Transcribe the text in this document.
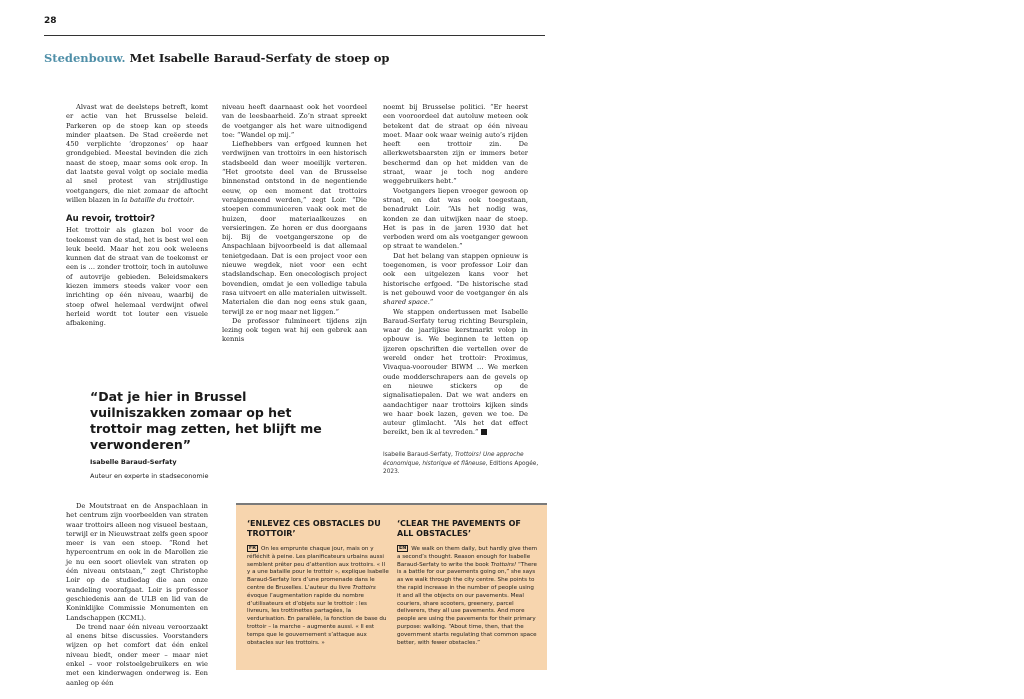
28
Stedenbouw. Met Isabelle Baraud-Serfaty de stoep op

Alvast wat de deelsteps betreft, komt er actie van het Brusselse beleid. Parkeren op de stoep kan op steeds minder plaatsen. De Stad creëerde net 450 verplichte ‘dropzones’ op haar grondgebied. Meestal bevinden die zich naast de stoep, maar soms ook erop. In dat laatste geval volgt op sociale media al snel protest van strijdlustige voetgangers, die niet zomaar de aftocht willen blazen in la bataille du trottoir.

Au revoir, trottoir?

Het trottoir als glazen bol voor de toekomst van de stad, het is best wel een leuk beeld. Maar het zou ook weleens kunnen dat de straat van de toekomst er een is … zonder trottoir, toch in autoluwe of autovrije gebieden. Beleidsmakers kiezen immers steeds vaker voor een inrichting op één niveau, waarbij de stoep ofwel helemaal verdwijnt ofwel herleid wordt tot louter een visuele afbakening.

niveau heeft daarnaast ook het voordeel van de leesbaarheid. Zo’n straat spreekt de voetganger als het ware uitnodigend toe: “Wandel op mij.”

Liefhebbers van erfgoed kunnen het verdwijnen van trottoirs in een historisch stadsbeeld dan weer moeilijk verteren. “Het grootste deel van de Brusselse binnenstad ontstond in de negentiende eeuw, op een moment dat trottoirs veralgemeend werden,” zegt Loir. “Die stoepen communiceren vaak ook met de huizen, door materiaalkeuzes en versieringen. Ze horen er dus doorgaans bij. Bij de voetgangerszone op de Anspachlaan bijvoorbeeld is dat allemaal tenietgedaan. Dat is een project voor een nieuwe wegdek, niet voor een echt stadslandschap. Een onecologisch project bovendien, omdat je een volledige tabula rasa uitvoert en alle materialen uitwisselt. Materialen die dan nog eens stuk gaan, terwijl ze er nog maar net liggen.”

De professor fulmineert tijdens zijn lezing ook tegen wat hij een gebrek aan kennis

noemt bij Brusselse politici. “Er heerst een vooroordeel dat autoluw meteen ook betekent dat de straat op één niveau moet. Maar ook waar weinig auto’s rijden heeft een trottoir zin. De allerkwetsbaarsten zijn er immers beter beschermd dan op het midden van de straat, waar je toch nog andere weggebruikers hebt.”

Voetgangers liepen vroeger gewoon op straat, en dat was ook toegestaan, benadrukt Loir. “Als het nodig was, konden ze dan uitwijken naar de stoep. Het is pas in de jaren 1930 dat het verboden werd om als voetganger gewoon op straat te wandelen.”

Dat het belang van stappen opnieuw is toegenomen, is voor professor Loir dan ook een uitgelezen kans voor het historische erfgoed. “De historische stad is net gebouwd voor de voetganger én als shared space.”

We stappen ondertussen met Isabelle Baraud-Serfaty terug richting Beursplein, waar de jaarlijkse kerstmarkt volop in opbouw is. We beginnen te letten op ijzeren opschriften die vertellen over de wereld onder het trottoir: Proximus, Vivaqua-voorouder BIWM … We merken oude modderschrapers aan de gevels op en nieuwe stickers op de signalisatiepalen. Dat we wat anders en aandachtiger naar trottoirs kijken sinds we haar boek lazen, geven we toe. De auteur glimlacht. “Als het dat effect bereikt, ben ik al tevreden.”

Isabelle Baraud-Serfaty, Trottoirs! Une approche économique, historique et flâneuse, Editions Apogée, 2023.

“Dat je hier in Brussel vuilniszakken zomaar op het trottoir mag zetten, het blijft me verwonderen”

Isabelle Baraud-Serfaty
Auteur en experte in stadseconomie

De Moutstraat en de Anspachlaan in het centrum zijn voorbeelden van straten waar trottoirs alleen nog visueel bestaan, terwijl er in Nieuwstraat zelfs geen spoor meer is van een stoep. “Rond het hypercentrum en ook in de Marollen zie je nu een soort olievlek van straten op één niveau ontstaan,” zegt Christophe Loir op de studiedag die aan onze wandeling voorafgaat. Loir is professor geschiedenis aan de ULB en lid van de Koninklijke Commissie Monumenten en Landschappen (KCML).

De trend naar één niveau veroorzaakt al enens bitse discussies. Voorstanders wijzen op het comfort dat één enkel niveau biedt, onder meer – maar niet enkel – voor rolstoelgebruikers en wie met een kinderwagen onderweg is. Een aanleg op één

‘ENLEVEZ CES OBSTACLES DU TROTTOIR’
FR On les emprunte chaque jour, mais on y réfléchit à peine. Les planificateurs urbains aussi semblent prêter peu d’attention aux trottoirs. « Il y a une bataille pour le trottoir », explique Isabelle Baraud-Serfaty lors d’une promenade dans le centre de Bruxelles. L’auteur du livre Trottoirs évoque l’augmentation rapide du nombre d’utilisateurs et d’objets sur le trottoir : les livreurs, les trottinettes partagées, la verdurisation. En parallèle, la fonction de base du trottoir – la marche – augmente aussi. « Il est temps que le gouvernement s’attaque aux obstacles sur les trottoirs. »
‘CLEAR THE PAVEMENTS OF ALL OBSTACLES’
EN We walk on them daily, but hardly give them a second’s thought. Reason enough for Isabelle Baraud-Serfaty to write the book Trottoirs! “There is a battle for our pavements going on,” she says as we walk through the city centre. She points to the rapid increase in the number of people using it and all the objects on our pavements. Meal couriers, share scooters, greenery, parcel deliverers, they all use pavements. And more people are using the pavements for their primary purpose: walking. “About time, then, that the government starts regulating that common space better, with fewer obstacles.”
